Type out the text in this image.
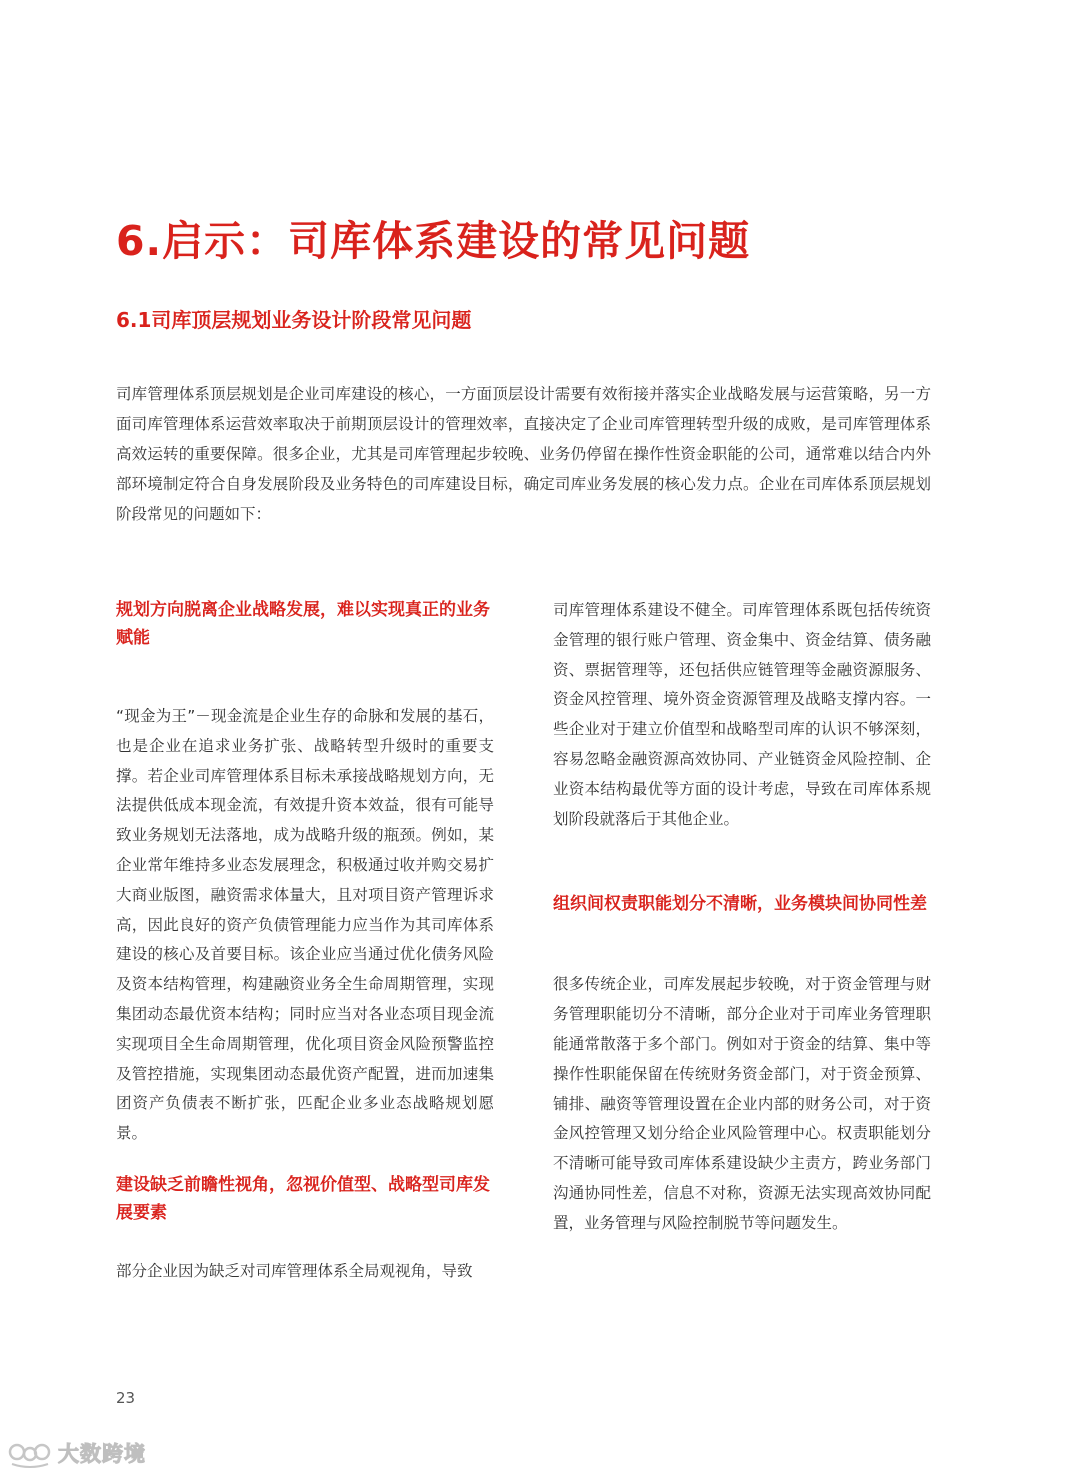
6.启示：司库体系建设的常见问题
6.1司库顶层规划业务设计阶段常见问题

司库管理体系顶层规划是企业司库建设的核心，一方面顶层设计需要有效衔接并落实企业战略发展与运营策略，另一方面司库管理体系运营效率取决于前期顶层设计的管理效率，直接决定了企业司库管理转型升级的成败，是司库管理体系高效运转的重要保障。很多企业，尤其是司库管理起步较晚、业务仍停留在操作性资金职能的公司，通常难以结合内外部环境制定符合自身发展阶段及业务特色的司库建设目标，确定司库业务发展的核心发力点。企业在司库体系顶层规划阶段常见的问题如下：

规划方向脱离企业战略发展，难以实现真正的业务赋能

“现金为王”－现金流是企业生存的命脉和发展的基石，也是企业在追求业务扩张、战略转型升级时的重要支撑。若企业司库管理体系目标未承接战略规划方向，无法提供低成本现金流，有效提升资本效益，很有可能导致业务规划无法落地，成为战略升级的瓶颈。例如，某企业常年维持多业态发展理念，积极通过收并购交易扩大商业版图，融资需求体量大，且对项目资产管理诉求高，因此良好的资产负债管理能力应当作为其司库体系建设的核心及首要目标。该企业应当通过优化债务风险及资本结构管理，构建融资业务全生命周期管理，实现集团动态最优资本结构；同时应当对各业态项目现金流实现项目全生命周期管理，优化项目资金风险预警监控及管控措施，实现集团动态最优资产配置，进而加速集团资产负债表不断扩张，匹配企业多业态战略规划愿景。

建设缺乏前瞻性视角，忽视价值型、战略型司库发展要素

部分企业因为缺乏对司库管理体系全局观视角，导致

司库管理体系建设不健全。司库管理体系既包括传统资金管理的银行账户管理、资金集中、资金结算、债务融资、票据管理等，还包括供应链管理等金融资源服务、资金风控管理、境外资金资源管理及战略支撑内容。一些企业对于建立价值型和战略型司库的认识不够深刻，容易忽略金融资源高效协同、产业链资金风险控制、企业资本结构最优等方面的设计考虑，导致在司库体系规划阶段就落后于其他企业。

组织间权责职能划分不清晰，业务模块间协同性差

很多传统企业，司库发展起步较晚，对于资金管理与财务管理职能切分不清晰，部分企业对于司库业务管理职能通常散落于多个部门。例如对于资金的结算、集中等操作性职能保留在传统财务资金部门，对于资金预算、铺排、融资等管理设置在企业内部的财务公司，对于资金风控管理又划分给企业风险管理中心。权责职能划分不清晰可能导致司库体系建设缺少主责方，跨业务部门沟通协同性差，信息不对称，资源无法实现高效协同配置，业务管理与风险控制脱节等问题发生。

23
大数跨境
